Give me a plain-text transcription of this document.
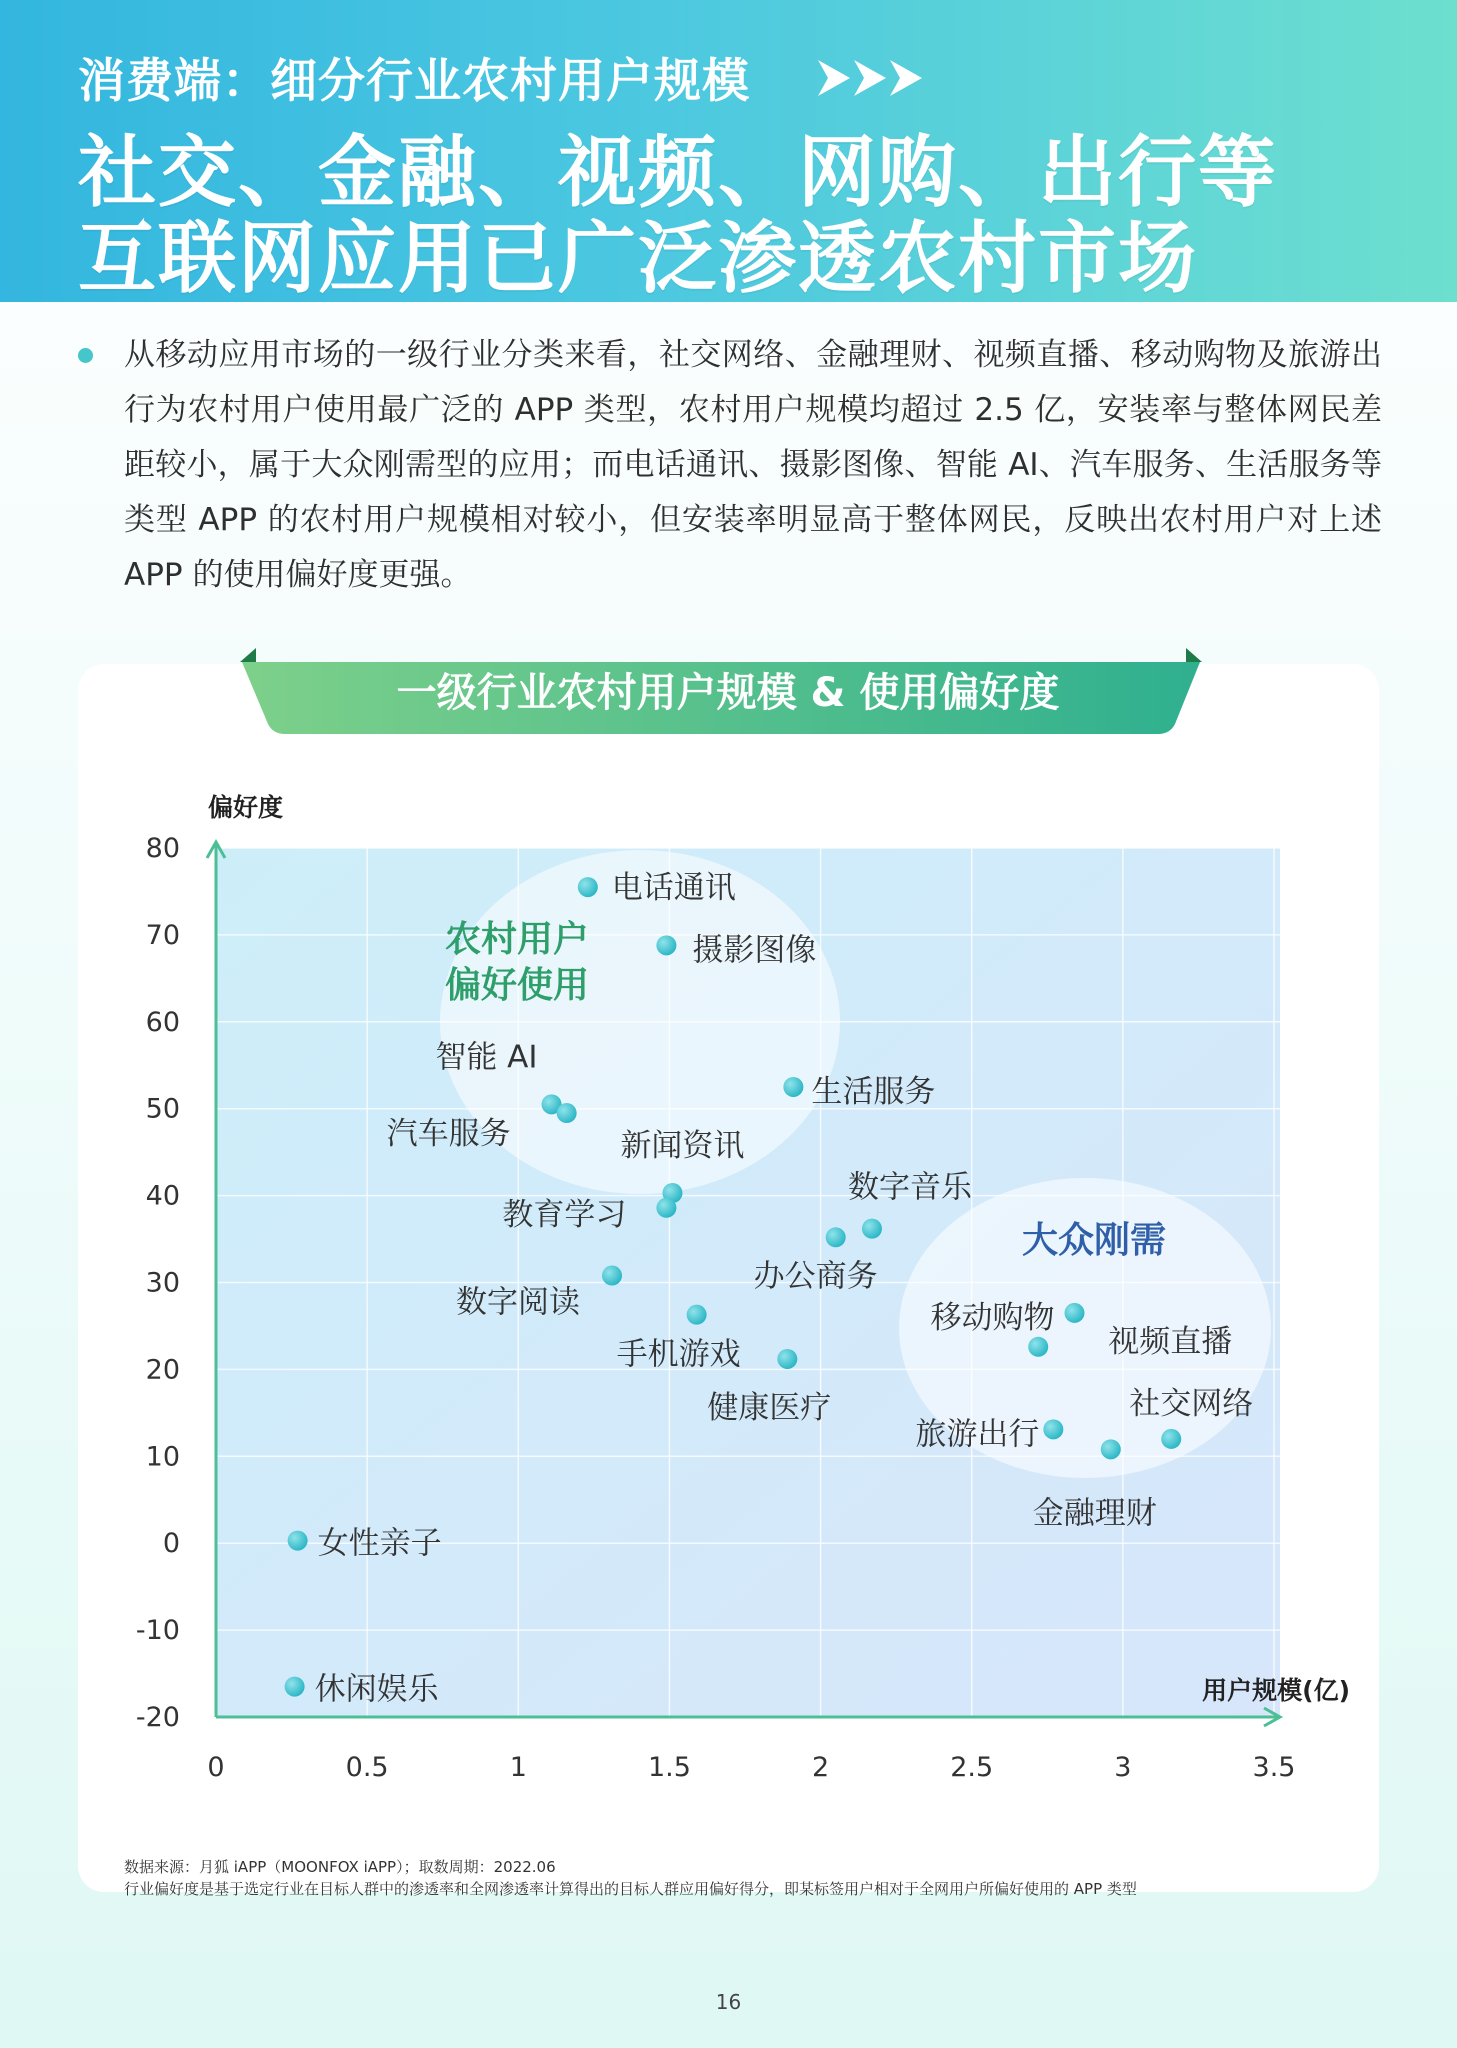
消费端：细分行业农村用户规模
社交、金融、视频、网购、出行等
互联网应用已广泛渗透农村市场
从移动应用市场的一级行业分类来看，社交网络、金融理财、视频直播、移动购物及旅游出行为农村用户使用最广泛的 APP 类型，农村用户规模均超过 2.5 亿，安装率与整体网民差距较小，属于大众刚需型的应用；而电话通讯、摄影图像、智能 AI、汽车服务、生活服务等类型 APP 的农村用户规模相对较小，但安装率明显高于整体网民，反映出农村用户对上述 APP 的使用偏好度更强。
一级行业农村用户规模 & 使用偏好度
0	0.5	1	1.5	2	2.5	3	3.5
80
70
60
50
40
30
20
10
0
-10
-20
偏好度
用户规模(亿)
农村用户
偏好使用
大众刚需
电话通讯
摄影图像
智能 AI
汽车服务
生活服务
新闻资讯
教育学习
数字音乐
办公商务
数字阅读
手机游戏
健康医疗
移动购物
视频直播
旅游出行
金融理财
社交网络
女性亲子
休闲娱乐
数据来源：月狐 iAPP（MOONFOX iAPP）；取数周期：2022.06
行业偏好度是基于选定行业在目标人群中的渗透率和全网渗透率计算得出的目标人群应用偏好得分，即某标签用户相对于全网用户所偏好使用的 APP 类型
16
